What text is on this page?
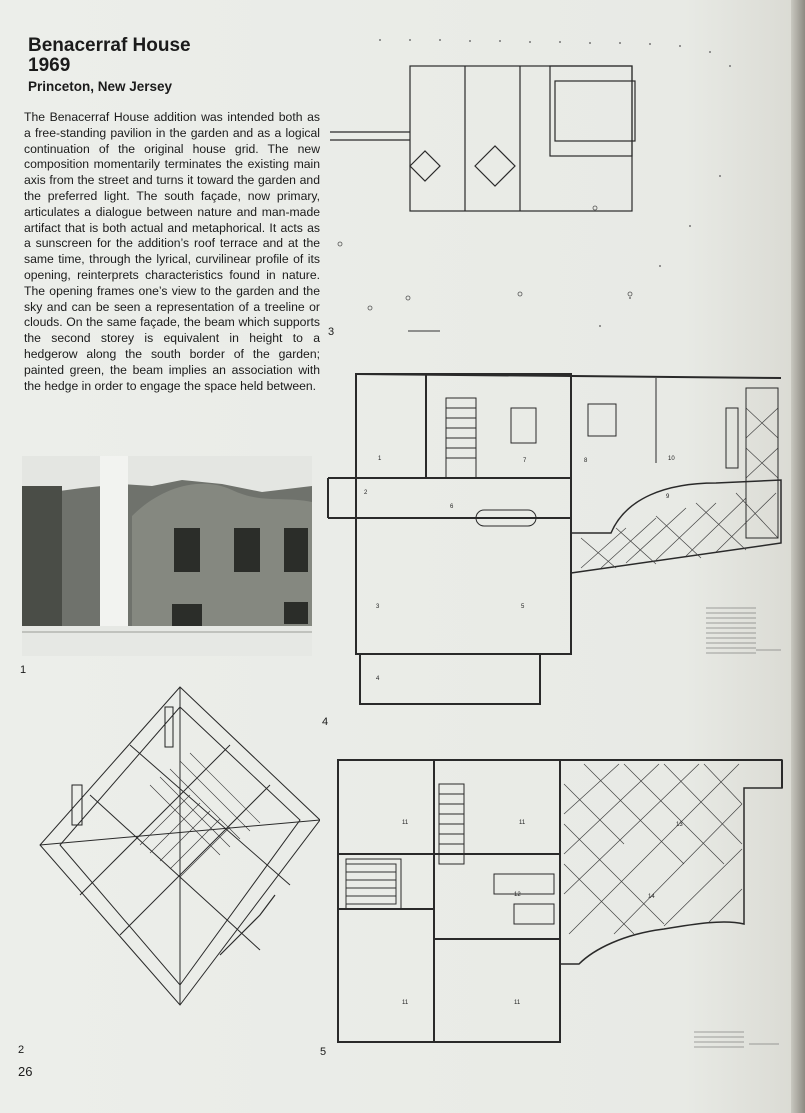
Benacerraf House
1969
Princeton, New Jersey
The Benacerraf House addition was intended both as a free-standing pavilion in the garden and as a logical continuation of the original house grid. The new composition momentarily terminates the existing main axis from the street and turns it toward the garden and the preferred light. The south façade, now primary, articulates a dialogue between nature and man-made artifact that is both actual and metaphorical. It acts as a sunscreen for the addition’s roof terrace and at the same time, through the lyrical, curvilinear profile of its opening, reinterprets characteristics found in nature. The opening frames one’s view to the garden and the sky and can be seen a representation of a treeline or clouds. On the same façade, the beam which supports the second storey is equivalent in height to a hedgerow along the south border of the garden; painted green, the beam implies an association with the hedge in order to engage the space held between.
1
2
26
3
1
2
3
4
5
6
7	8
9
10
4
11	11
11	11
12
13
14
5
